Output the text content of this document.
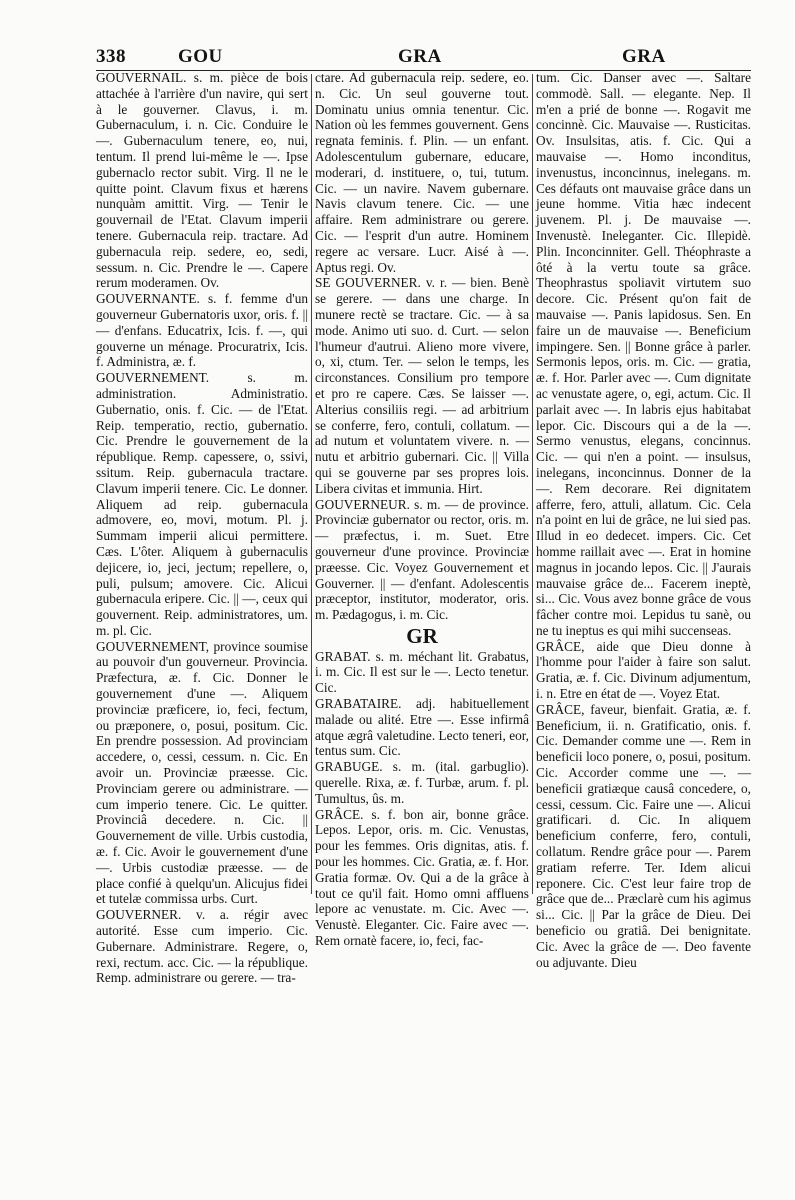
338	GOU	GRA	GRA

GOUVERNAIL. s. m. pièce de bois attachée à l'arrière d'un navire, qui sert à le gouverner. Clavus, i. m. Gubernaculum, i. n. Cic. Conduire le —. Gubernaculum tenere, eo, nui, tentum. Il prend lui-même le —. Ipse gubernaclo rector subit. Virg. Il ne le quitte point. Clavum fixus et hærens nunquàm amittit. Virg. — Tenir le gouvernail de l'Etat. Clavum imperii tenere. Gubernacula reip. tractare. Ad gubernacula reip. sedere, eo, sedi, sessum. n. Cic. Prendre le —. Capere rerum moderamen. Ov.

GOUVERNANTE. s. f. femme d'un gouverneur Gubernatoris uxor, oris. f. || — d'enfans. Educatrix, Icis. f. —, qui gouverne un ménage. Procuratrix, Icis. f. Administra, æ. f.

GOUVERNEMENT. s. m. administration. Administratio. Gubernatio, onis. f. Cic. — de l'Etat. Reip. temperatio, rectio, gubernatio. Cic. Prendre le gouvernement de la république. Remp. capessere, o, ssivi, ssitum. Reip. gubernacula tractare. Clavum imperii tenere. Cic. Le donner. Aliquem ad reip. gubernacula admovere, eo, movi, motum. Pl. j. Summam imperii alicui permittere. Cæs. L'ôter. Aliquem à gubernaculis dejicere, io, jeci, jectum; repellere, o, puli, pulsum; amovere. Cic. Alicui gubernacula eripere. Cic. || —, ceux qui gouvernent. Reip. administratores, um. m. pl. Cic.

GOUVERNEMENT, province soumise au pouvoir d'un gouverneur. Provincia. Præfectura, æ. f. Cic. Donner le gouvernement d'une —. Aliquem provinciæ præficere, io, feci, fectum, ou præponere, o, posui, positum. Cic. En prendre possession. Ad provinciam accedere, o, cessi, cessum. n. Cic. En avoir un. Provinciæ præesse. Cic. Provinciam gerere ou administrare. — cum imperio tenere. Cic. Le quitter. Provinciâ decedere. n. Cic. || Gouvernement de ville. Urbis custodia, æ. f. Cic. Avoir le gouvernement d'une —. Urbis custodiæ præesse. — de place confié à quelqu'un. Alicujus fidei et tutelæ commissa urbs. Curt.

GOUVERNER. v. a. régir avec autorité. Esse cum imperio. Cic. Gubernare. Administrare. Regere, o, rexi, rectum. acc. Cic. — la république. Remp. administrare ou gerere. — tra-

ctare. Ad gubernacula reip. sedere, eo. n. Cic. Un seul gouverne tout. Dominatu unius omnia tenentur. Cic. Nation où les femmes gouvernent. Gens regnata feminis. f. Plin. — un enfant. Adolescentulum gubernare, educare, moderari, d. instituere, o, tui, tutum. Cic. — un navire. Navem gubernare. Navis clavum tenere. Cic. — une affaire. Rem administrare ou gerere. Cic. — l'esprit d'un autre. Hominem regere ac versare. Lucr. Aisé à —. Aptus regi. Ov.

SE GOUVERNER. v. r. — bien. Benè se gerere. — dans une charge. In munere rectè se tractare. Cic. — à sa mode. Animo uti suo. d. Curt. — selon l'humeur d'autrui. Alieno more vivere, o, xi, ctum. Ter. — selon le temps, les circonstances. Consilium pro tempore et pro re capere. Cæs. Se laisser —. Alterius consiliis regi. — ad arbitrium se conferre, fero, contuli, collatum. — ad nutum et voluntatem vivere. n. — nutu et arbitrio gubernari. Cic. || Villa qui se gouverne par ses propres lois. Libera civitas et immunia. Hirt.

GOUVERNEUR. s. m. — de province. Provinciæ gubernator ou rector, oris. m. — præfectus, i. m. Suet. Etre gouverneur d'une province. Provinciæ præesse. Cic. Voyez Gouvernement et Gouverner. || — d'enfant. Adolescentis præceptor, institutor, moderator, oris. m. Pædagogus, i. m. Cic.

GR

GRABAT. s. m. méchant lit. Grabatus, i. m. Cic. Il est sur le —. Lecto tenetur. Cic.

GRABATAIRE. adj. habituellement malade ou alité. Etre —. Esse infirmâ atque ægrâ valetudine. Lecto teneri, eor, tentus sum. Cic.

GRABUGE. s. m. (ital. garbuglio). querelle. Rixa, æ. f. Turbæ, arum. f. pl. Tumultus, ûs. m.

GRÂCE. s. f. bon air, bonne grâce. Lepos. Lepor, oris. m. Cic. Venustas, pour les femmes. Oris dignitas, atis. f. pour les hommes. Cic. Gratia, æ. f. Hor. Gratia formæ. Ov. Qui a de la grâce à tout ce qu'il fait. Homo omni affluens lepore ac venustate. m. Cic. Avec —. Venustè. Eleganter. Cic. Faire avec —. Rem ornatè facere, io, feci, fac-

tum. Cic. Danser avec —. Saltare commodè. Sall. — elegante. Nep. Il m'en a prié de bonne —. Rogavit me concinnè. Cic. Mauvaise —. Rusticitas. Ov. Insulsitas, atis. f. Cic. Qui a mauvaise —. Homo inconditus, invenustus, inconcinnus, inelegans. m. Ces défauts ont mauvaise grâce dans un jeune homme. Vitia hæc indecent juvenem. Pl. j. De mauvaise —. Invenustè. Ineleganter. Cic. Illepidè. Plin. Inconcinniter. Gell. Théophraste a ôté à la vertu toute sa grâce. Theophrastus spoliavit virtutem suo decore. Cic. Présent qu'on fait de mauvaise —. Panis lapidosus. Sen. En faire un de mauvaise —. Beneficium impingere. Sen. || Bonne grâce à parler. Sermonis lepos, oris. m. Cic. — gratia, æ. f. Hor. Parler avec —. Cum dignitate ac venustate agere, o, egi, actum. Cic. Il parlait avec —. In labris ejus habitabat lepor. Cic. Discours qui a de la —. Sermo venustus, elegans, concinnus. Cic. — qui n'en a point. — insulsus, inelegans, inconcinnus. Donner de la —. Rem decorare. Rei dignitatem afferre, fero, attuli, allatum. Cic. Cela n'a point en lui de grâce, ne lui sied pas. Illud in eo dedecet. impers. Cic. Cet homme raillait avec —. Erat in homine magnus in jocando lepos. Cic. || J'aurais mauvaise grâce de... Facerem ineptè, si... Cic. Vous avez bonne grâce de vous fâcher contre moi. Lepidus tu sanè, ou ne tu ineptus es qui mihi succenseas.

GRÂCE, aide que Dieu donne à l'homme pour l'aider à faire son salut. Gratia, æ. f. Cic. Divinum adjumentum, i. n. Etre en état de —. Voyez Etat.

GRÂCE, faveur, bienfait. Gratia, æ. f. Beneficium, ii. n. Gratificatio, onis. f. Cic. Demander comme une —. Rem in beneficii loco ponere, o, posui, positum. Cic. Accorder comme une —. — beneficii gratiæque causâ concedere, o, cessi, cessum. Cic. Faire une —. Alicui gratificari. d. Cic. In aliquem beneficium conferre, fero, contuli, collatum. Rendre grâce pour —. Parem gratiam referre. Ter. Idem alicui reponere. Cic. C'est leur faire trop de grâce que de... Præclarè cum his agimus si... Cic. || Par la grâce de Dieu. Dei beneficio ou gratiâ. Dei benignitate. Cic. Avec la grâce de —. Deo favente ou adjuvante. Dieu
